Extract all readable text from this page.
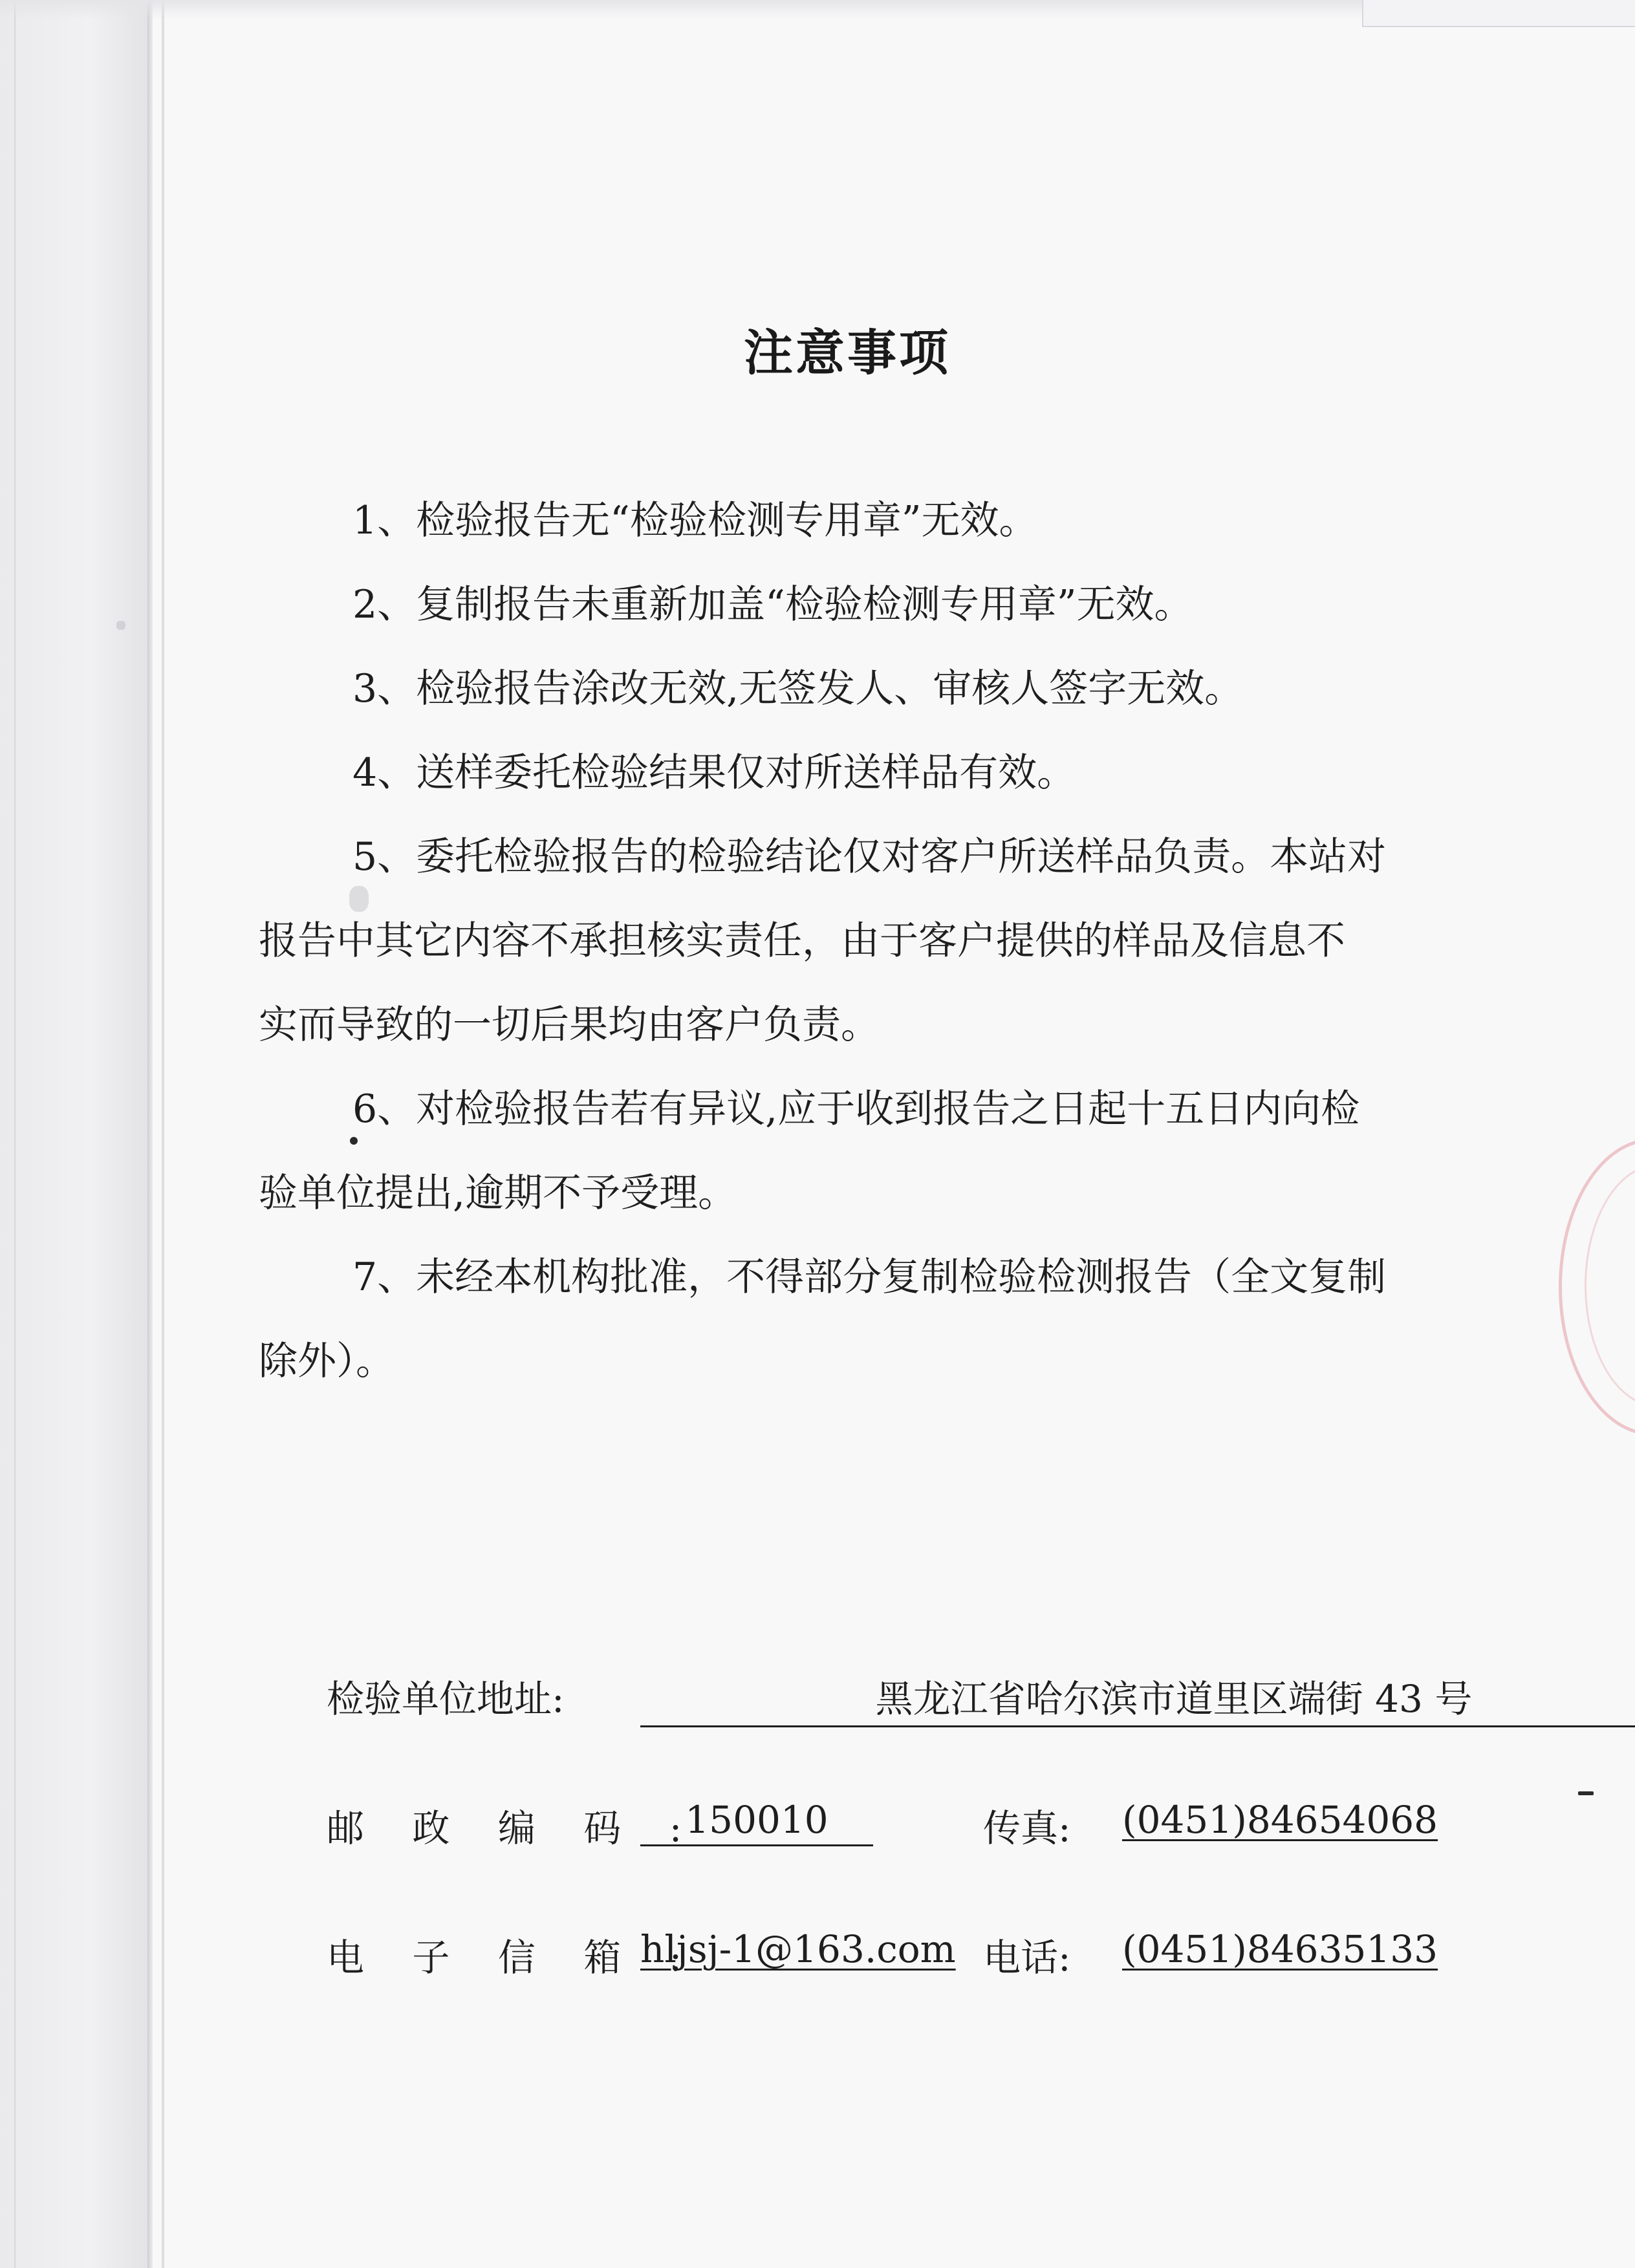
注意事项
1、检验报告无“检验检测专用章”无效。
2、复制报告未重新加盖“检验检测专用章”无效。
3、检验报告涂改无效,无签发人、审核人签字无效。
4、送样委托检验结果仅对所送样品有效。
5、委托检验报告的检验结论仅对客户所送样品负责。本站对
报告中其它内容不承担核实责任，由于客户提供的样品及信息不
实而导致的一切后果均由客户负责。
6、对检验报告若有异议,应于收到报告之日起十五日内向检
验单位提出,逾期不予受理。
7、未经本机构批准，不得部分复制检验检测报告（全文复制
除外）。
检验单位地址:	黑龙江省哈尔滨市道里区端街 43 号
邮 政 编 码 :
150010	传真: (0451)84654068
电 子 信 箱 :
hljsj-1@163.com 电话: (0451)84635133
